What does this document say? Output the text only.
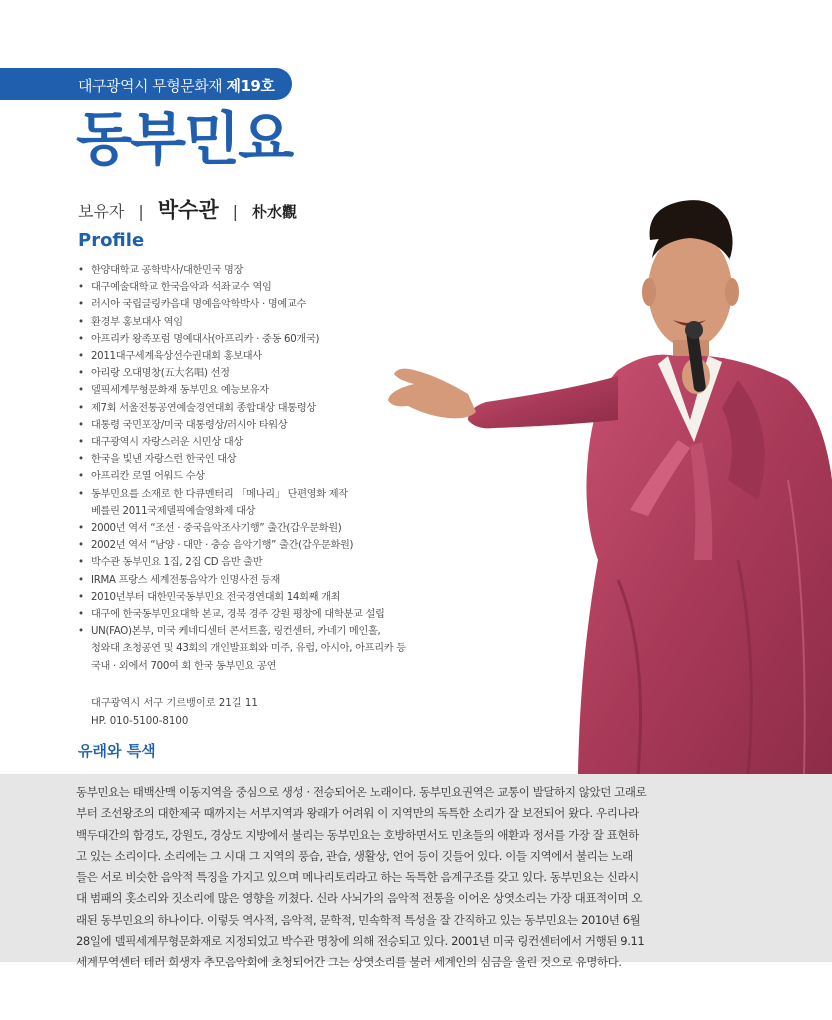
대구광역시 무형문화재 제19호
동부민요
보유자 | 박수관 | 朴水觀
Profile
• 한양대학교 공학박사/대한민국 명장
• 대구예술대학교 한국음악과 석좌교수 역임
• 러시아 국립글링카음대 명예음악학박사 · 명예교수
• 환경부 홍보대사 역임
• 아프리카 왕족포럼 명예대사(아프리카 · 중동 60개국)
• 2011대구세계육상선수권대회 홍보대사
• 아리랑 오대명창(五大名唱) 선정
• 델픽세계무형문화재 동부민요 예능보유자
• 제7회 서울전통공연예술경연대회 종합대상 대통령상
• 대통령 국민포장/미국 대통령상/러시아 타워상
• 대구광역시 자랑스러운 시민상 대상
• 한국을 빛낸 자랑스런 한국인 대상
• 아프리칸 로열 어워드 수상
• 동부민요를 소재로 한 다큐멘터리 「메나리」 단편영화 제작
베를린 2011국제델픽예술영화제 대상
• 2000년 역서 “조선 · 중국음악조사기행” 출간(갑우문화원)
• 2002년 역서 “남양 · 대만 · 충승 음악기행” 출간(갑우문화원)
• 박수관 동부민요 1집, 2집 CD 음반 출반
• IRMA 프랑스 세계전통음악가 인명사전 등재
• 2010년부터 대한민국동부민요 전국경연대회 14회째 개최
• 대구에 한국동부민요대학 본교, 경북 경주 강원 평창에 대학분교 설립
• UN(FAO)본부, 미국 케네디센터 콘서트홀, 링컨센터, 카네기 메인홀,
청와대 초청공연 및 43회의 개인발표회와 미주, 유럽, 아시아, 아프리카 등
국내 · 외에서 700여 회 한국 동부민요 공연
대구광역시 서구 기르뱅이로 21길 11
HP. 010-5100-8100
유래와 특색
동부민요는 태백산맥 이동지역을 중심으로 생성 · 전승되어온 노래이다. 동부민요권역은 교통이 발달하지 않았던 고래로
부터 조선왕조의 대한제국 때까지는 서부지역과 왕래가 어려워 이 지역만의 독특한 소리가 잘 보전되어 왔다. 우리나라
백두대간의 함경도, 강원도, 경상도 지방에서 불리는 동부민요는 호방하면서도 민초들의 애환과 정서를 가장 잘 표현하
고 있는 소리이다. 소리에는 그 시대 그 지역의 풍습, 관습, 생활상, 언어 등이 깃들어 있다. 이들 지역에서 불리는 노래
들은 서로 비슷한 음악적 특징을 가지고 있으며 메나리토리라고 하는 독특한 음계구조를 갖고 있다. 동부민요는 신라시
대 범패의 홋소리와 짓소리에 많은 영향을 끼쳤다. 신라 사뇌가의 음악적 전통을 이어온 상엿소리는 가장 대표적이며 오
래된 동부민요의 하나이다. 이렇듯 역사적, 음악적, 문학적, 민속학적 특성을 잘 간직하고 있는 동부민요는 2010년 6월
28일에 델픽세계무형문화재로 지정되었고 박수관 명창에 의해 전승되고 있다. 2001년 미국 링컨센터에서 거행된 9.11
세계무역센터 테러 희생자 추모음악회에 초청되어간 그는 상엿소리를 불러 세계인의 심금을 울린 것으로 유명하다.
